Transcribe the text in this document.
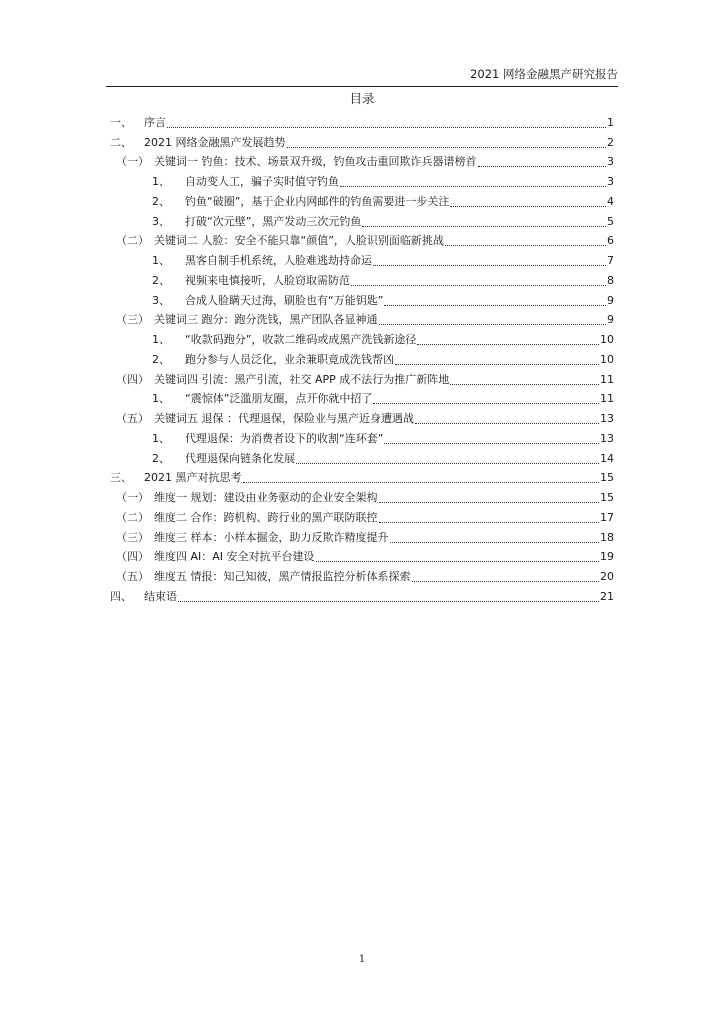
2021 网络金融黑产研究报告
目录
一、	序言	1
二、	2021 网络金融黑产发展趋势	2
（一） 关键词一 钓鱼：技术、场景双升级，钓鱼攻击重回欺诈兵器谱榜首	3
1、	自动变人工，骗子实时值守钓鱼	3
2、	钓鱼“破圈”，基于企业内网邮件的钓鱼需要进一步关注	4
3、	打破“次元壁”，黑产发动三次元钓鱼	5
（二） 关键词二 人脸：安全不能只靠“颜值”，人脸识别面临新挑战	6
1、	黑客自制手机系统，人脸难逃劫持命运	7
2、	视频来电慎接听，人脸窃取需防范	8
3、	合成人脸瞒天过海，刷脸也有“万能钥匙”	9
（三） 关键词三 跑分：跑分洗钱，黑产团队各显神通	9
1、	“收款码跑分”，收款二维码或成黑产洗钱新途径	10
2、	跑分参与人员泛化，业余兼职竟成洗钱帮凶	10
（四） 关键词四 引流：黑产引流，社交 APP 成不法行为推广新阵地	11
1、	“震惊体”泛滥朋友圈，点开你就中招了	11
（五） 关键词五 退保 ：代理退保，保险业与黑产近身遭遇战	13
1、	代理退保：为消费者设下的收割“连环套”	13
2、	代理退保向链条化发展	14
三、	2021 黑产对抗思考	15
（一） 维度一 规划：建设由业务驱动的企业安全架构	15
（二） 维度二 合作：跨机构、跨行业的黑产联防联控	17
（三） 维度三 样本：小样本掘金，助力反欺诈精度提升	18
（四） 维度四 AI：AI 安全对抗平台建设	19
（五） 维度五 情报：知己知彼，黑产情报监控分析体系探索	20
四、	结束语	21
1
